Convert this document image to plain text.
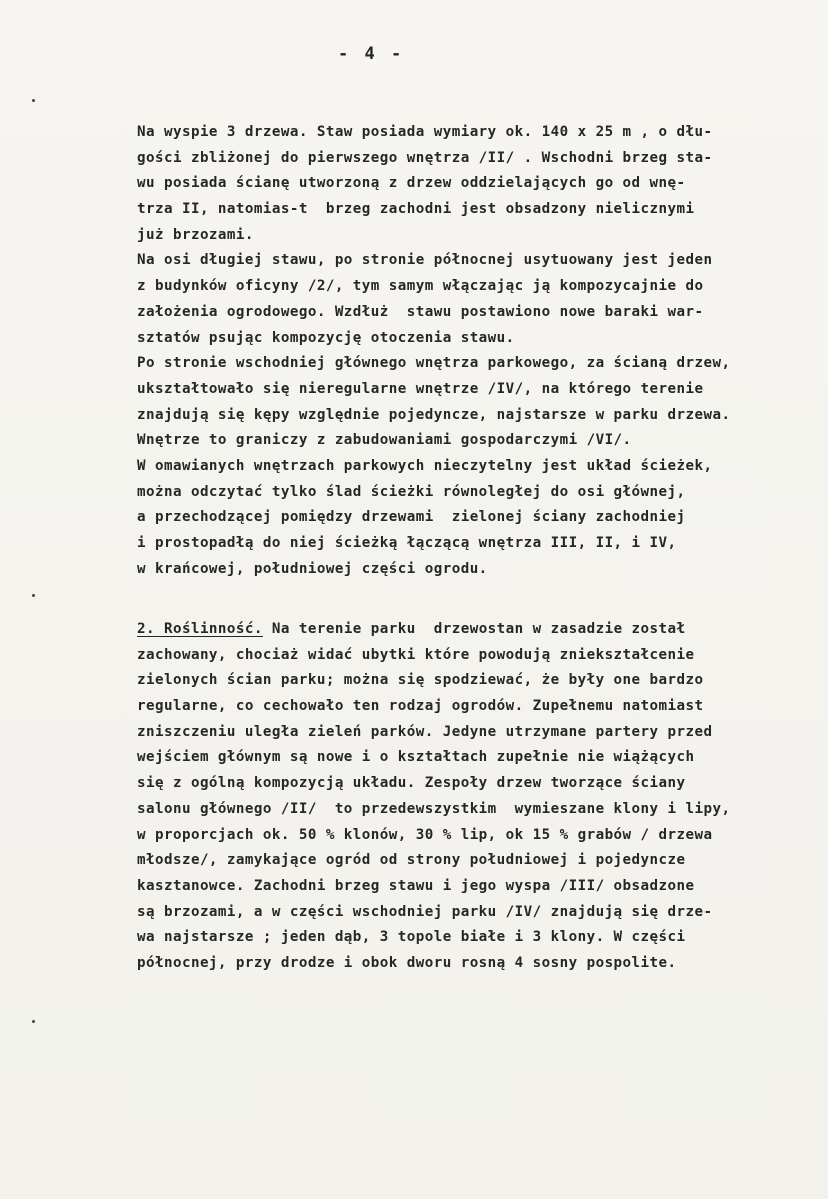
- 4 -
Na wyspie 3 drzewa. Staw posiada wymiary ok. 140 x 25 m , o dłu-
gości zbliżonej do pierwszego wnętrza /II/ . Wschodni brzeg sta-
wu posiada ścianę utworzoną z drzew oddzielających go od wnę-
trza II, natomias-t  brzeg zachodni jest obsadzony nielicznymi
już brzozami.
Na osi długiej stawu, po stronie północnej usytuowany jest jeden
z budynków oficyny /2/, tym samym włączając ją kompozycajnie do
założenia ogrodowego. Wzdłuż  stawu postawiono nowe baraki war-
sztatów psując kompozycję otoczenia stawu.
Po stronie wschodniej głównego wnętrza parkowego, za ścianą drzew,
ukształtowało się nieregularne wnętrze /IV/, na którego terenie
znajdują się kępy względnie pojedyncze, najstarsze w parku drzewa.
Wnętrze to graniczy z zabudowaniami gospodarczymi /VI/.
W omawianych wnętrzach parkowych nieczytelny jest układ ścieżek,
można odczytać tylko ślad ścieżki równoległej do osi głównej,
a przechodzącej pomiędzy drzewami  zielonej ściany zachodniej
i prostopadłą do niej ścieżką łączącą wnętrza III, II, i IV,
w krańcowej, południowej części ogrodu.
2. Roślinność. Na terenie parku  drzewostan w zasadzie został
zachowany, chociaż widać ubytki które powodują zniekształcenie
zielonych ścian parku; można się spodziewać, że były one bardzo
regularne, co cechowało ten rodzaj ogrodów. Zupełnemu natomiast
zniszczeniu uległa zieleń parków. Jedyne utrzymane partery przed
wejściem głównym są nowe i o kształtach zupełnie nie wiążących
się z ogólną kompozycją układu. Zespoły drzew tworzące ściany
salonu głównego /II/  to przedewszystkim  wymieszane klony i lipy,
w proporcjach ok. 50 % klonów, 30 % lip, ok 15 % grabów / drzewa
młodsze/, zamykające ogród od strony południowej i pojedyncze
kasztanowce. Zachodni brzeg stawu i jego wyspa /III/ obsadzone
są brzozami, a w części wschodniej parku /IV/ znajdują się drze-
wa najstarsze ; jeden dąb, 3 topole białe i 3 klony. W części
północnej, przy drodze i obok dworu rosną 4 sosny pospolite.
